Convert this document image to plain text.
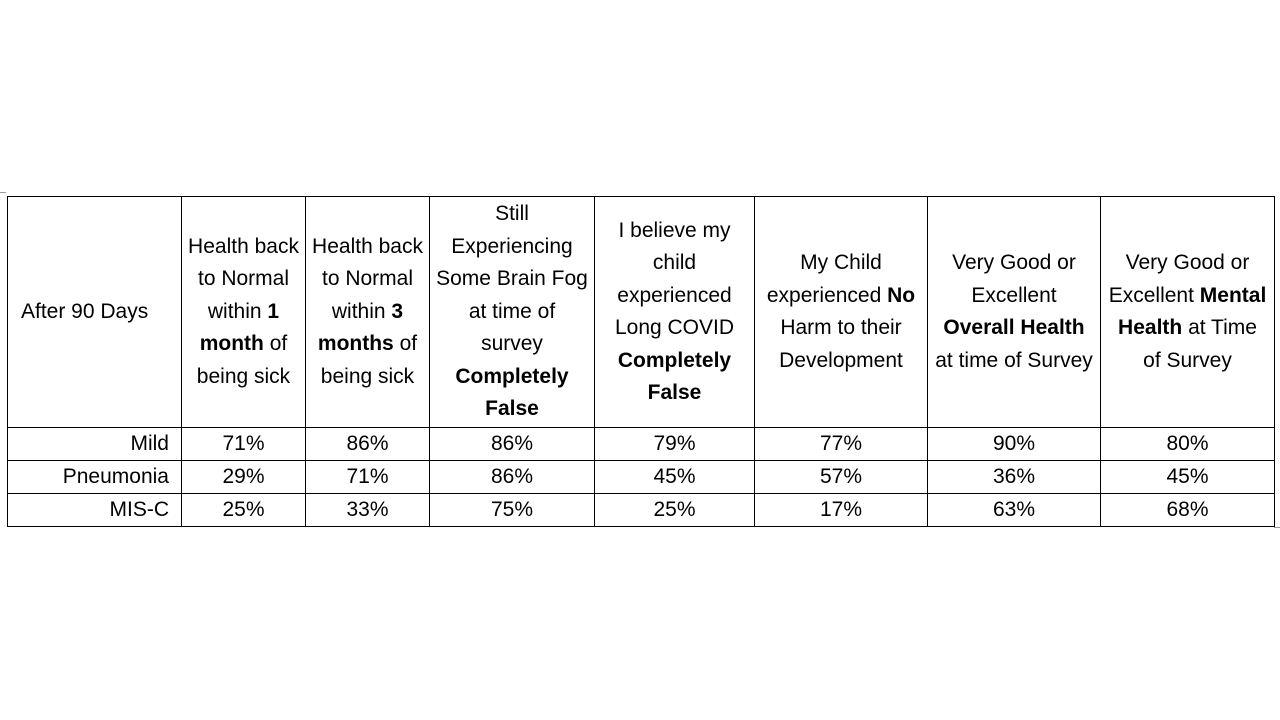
After 90 Days	Health back to Normal within 1 month of being sick	Health back to Normal within 3 months of being sick	Still Experiencing Some Brain Fog at time of survey Completely False	I believe my child experienced Long COVID Completely False	My Child experienced No Harm to their Development	Very Good or Excellent Overall Health at time of Survey	Very Good or Excellent Mental Health at Time of Survey
Mild	71%	86%	86%	79%	77%	90%	80%
Pneumonia	29%	71%	86%	45%	57%	36%	45%
MIS-C	25%	33%	75%	25%	17%	63%	68%
